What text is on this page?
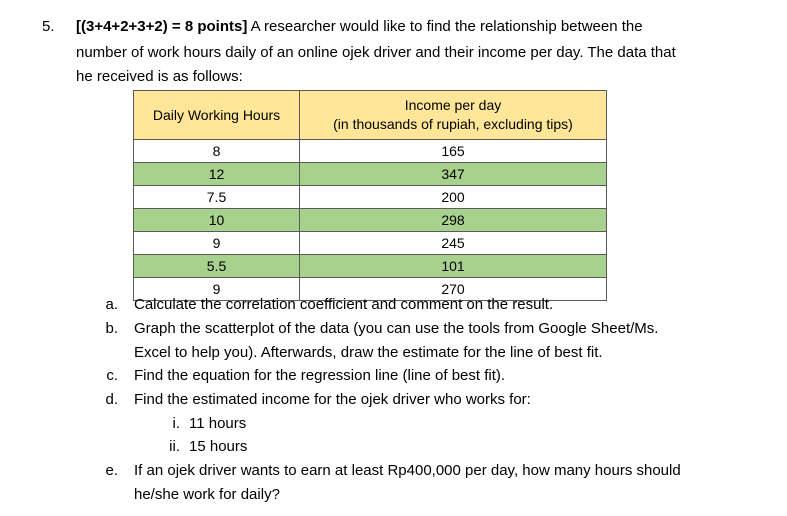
5. [(3+4+2+3+2) = 8 points] A researcher would like to find the relationship between the
number of work hours daily of an online ojek driver and their income per day. The data that
he received is as follows:
Daily Working Hours	Income per day
(in thousands of rupiah, excluding tips)

8	165
12	347
7.5	200
10	298
9	245
5.5	101
9	270
a. Calculate the correlation coefficient and comment on the result.
b. Graph the scatterplot of the data (you can use the tools from Google Sheet/Ms.
Excel to help you). Afterwards, draw the estimate for the line of best fit.
c. Find the equation for the regression line (line of best fit).
d. Find the estimated income for the ojek driver who works for:
i. 11 hours
ii. 15 hours
e. If an ojek driver wants to earn at least Rp400,000 per day, how many hours should
he/she work for daily?
